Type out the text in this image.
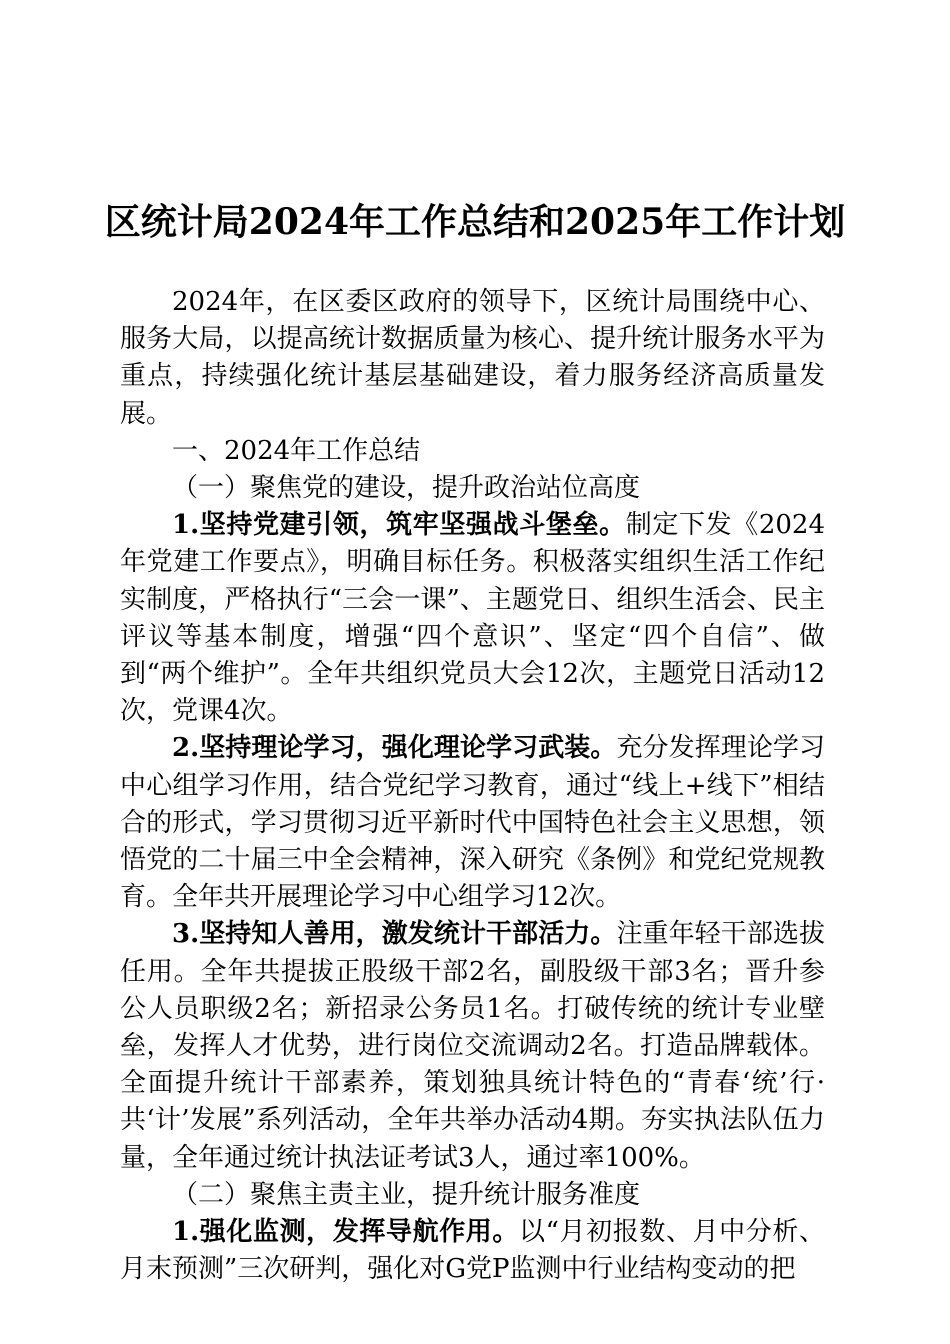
区统计局2024年工作总结和2025年工作计划

2024年，在区委区政府的领导下，区统计局围绕中心、服务大局，以提高统计数据质量为核心、提升统计服务水平为重点，持续强化统计基层基础建设，着力服务经济高质量发展。

一、2024年工作总结

（一）聚焦党的建设，提升政治站位高度

1.坚持党建引领，筑牢坚强战斗堡垒。制定下发《2024年党建工作要点》，明确目标任务。积极落实组织生活工作纪实制度，严格执行“三会一课”、主题党日、组织生活会、民主评议等基本制度，增强“四个意识”、坚定“四个自信”、做到“两个维护”。全年共组织党员大会12次，主题党日活动12次，党课4次。

2.坚持理论学习，强化理论学习武装。充分发挥理论学习中心组学习作用，结合党纪学习教育，通过“线上+线下”相结合的形式，学习贯彻习近平新时代中国特色社会主义思想，领悟党的二十届三中全会精神，深入研究《条例》和党纪党规教育。全年共开展理论学习中心组学习12次。

3.坚持知人善用，激发统计干部活力。注重年轻干部选拔任用。全年共提拔正股级干部2名，副股级干部3名；晋升参公人员职级2名；新招录公务员1名。打破传统的统计专业壁垒，发挥人才优势，进行岗位交流调动2名。打造品牌载体。全面提升统计干部素养，策划独具统计特色的“青春‘统’行·共‘计’发展”系列活动，全年共举办活动4期。夯实执法队伍力量，全年通过统计执法证考试3人，通过率100%。

（二）聚焦主责主业，提升统计服务准度

1.强化监测，发挥导航作用。以“月初报数、月中分析、月末预测”三次研判，强化对G党P监测中行业结构变动的把
